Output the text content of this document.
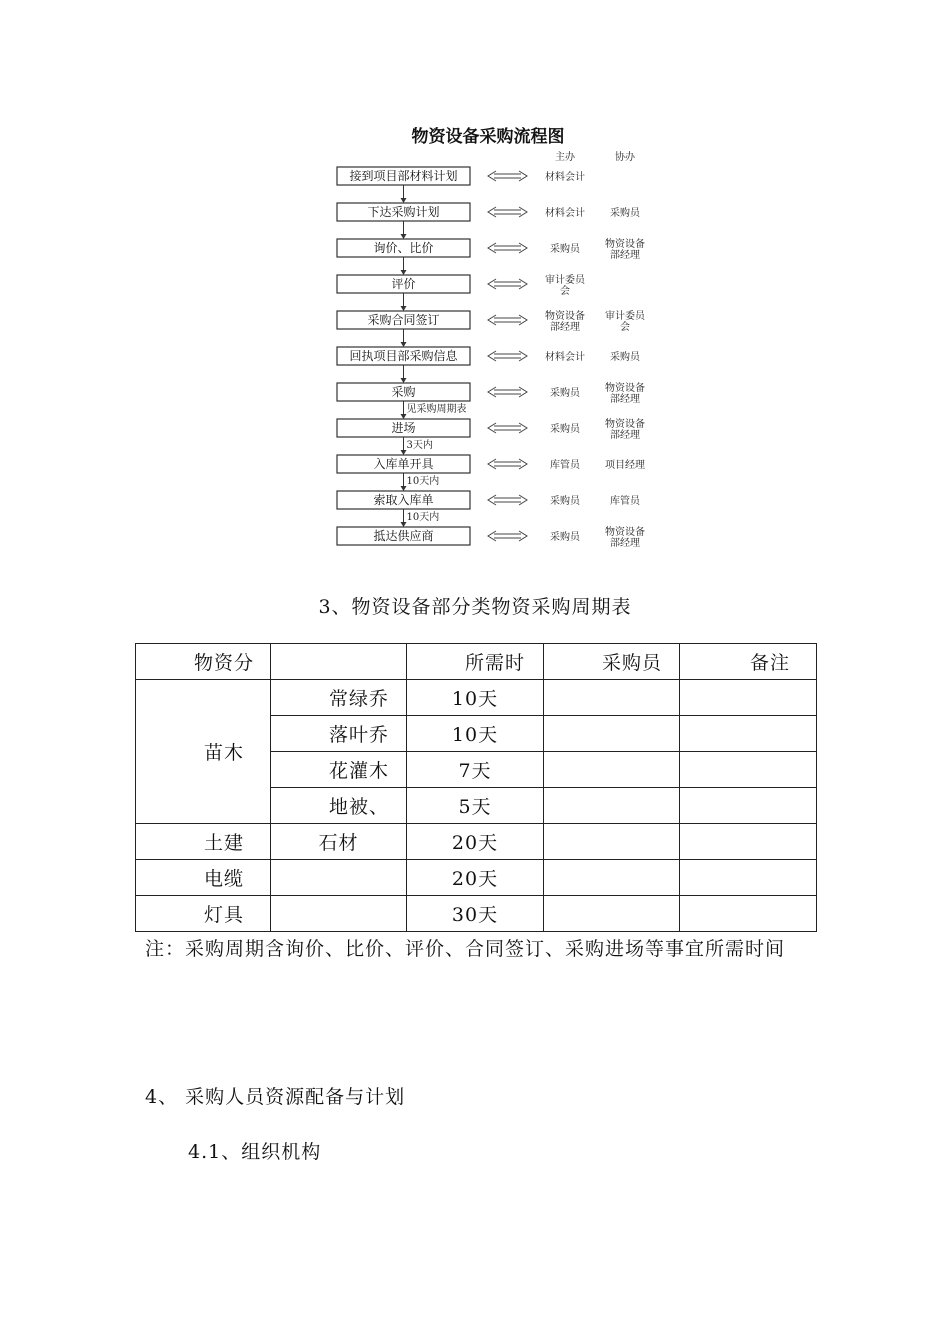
物资设备采购流程图
主办	协办
接到项目部材料计划	材料会计
下达采购计划	材料会计	采购员
询价、比价	采购员	物资设备
部经理
评价	审计委员
会
采购合同签订	物资设备
部经理
审计委员
会
回执项目部采购信息	材料会计	采购员
采购	采购员	物资设备
部经理
进场	采购员	物资设备
部经理
入库单开具	库管员	项目经理
索取入库单	采购员	库管员
抵达供应商	采购员	物资设备
部经理
见采购周期表
3天内
10天内
10天内
3、物资设备部分类物资采购周期表
物资分		所需时	采购员	备注
苗木	常绿乔	10天		
	落叶乔	10天		
	花灌木	7天		
	地被、	5天		
土建	石材	20天		
电缆		20天		
灯具		30天		
注：采购周期含询价、比价、评价、合同签订、采购进场等事宜所需时间
4、 采购人员资源配备与计划
4.1、组织机构
